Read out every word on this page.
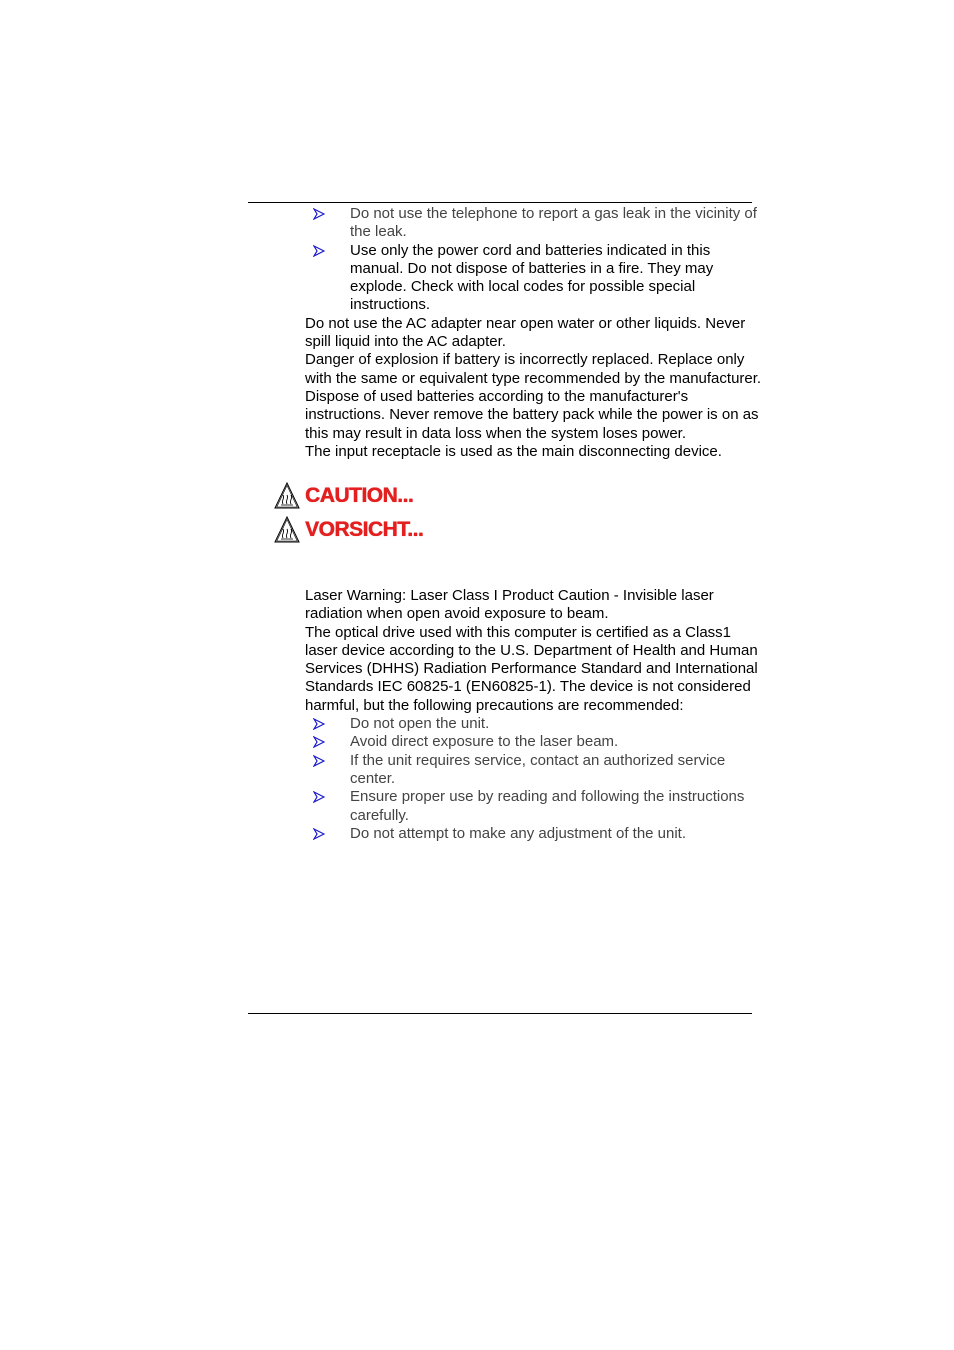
Do not use the telephone to report a gas leak in the vicinity of the leak.
Use only the power cord and batteries indicated in this manual. Do not dispose of batteries in a fire. They may explode. Check with local codes for possible special instructions.

Do not use the AC adapter near open water or other liquids. Never spill liquid into the AC adapter.

Danger of explosion if battery is incorrectly replaced. Replace only with the same or equivalent type recommended by the manufacturer. Dispose of used batteries according to the manufacturer's instructions. Never remove the battery pack while the power is on as this may result in data loss when the system loses power.

The input receptacle is used as the main disconnecting device.

CAUTION...
VORSICHT...

Laser Warning: Laser Class I Product Caution - Invisible laser radiation when open avoid exposure to beam.

The optical drive used with this computer is certified as a Class1 laser device according to the U.S. Department of Health and Human Services (DHHS) Radiation Performance Standard and International Standards IEC 60825-1 (EN60825-1). The device is not considered harmful, but the following precautions are recommended:

Do not open the unit.
Avoid direct exposure to the laser beam.
If the unit requires service, contact an authorized service center.
Ensure proper use by reading and following the instructions carefully.
Do not attempt to make any adjustment of the unit.
